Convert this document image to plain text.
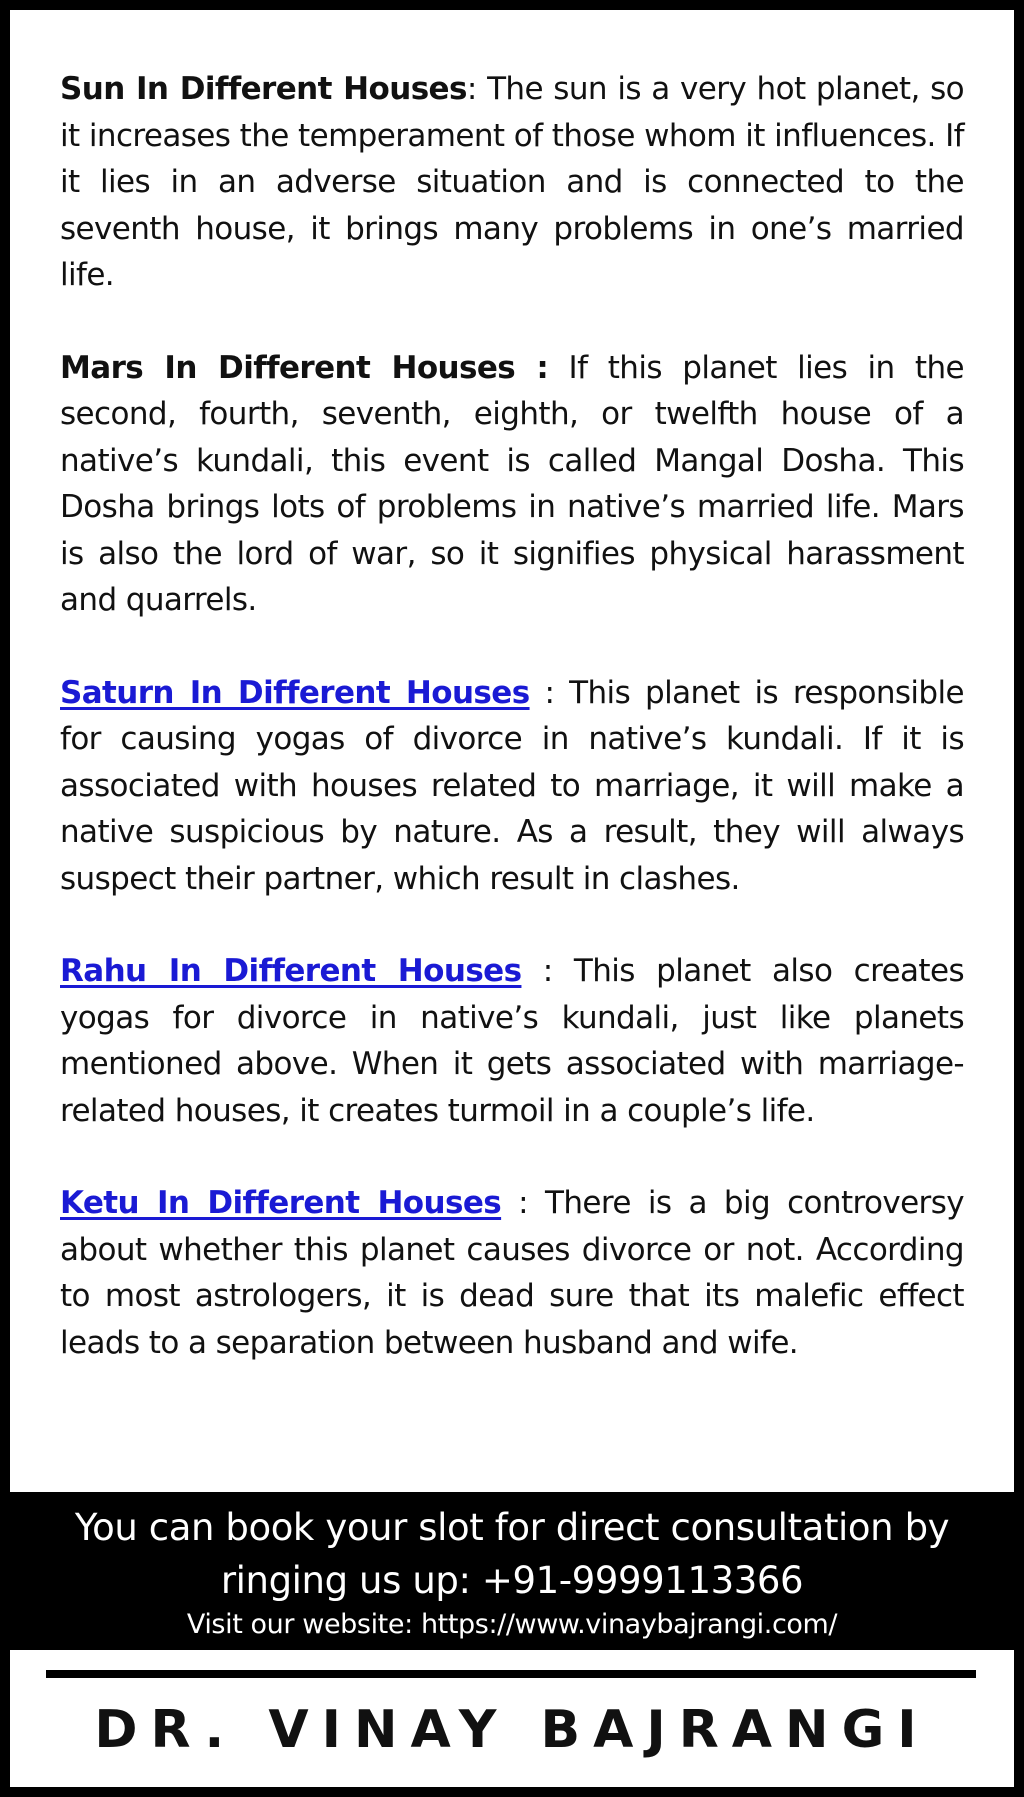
Sun In Different Houses: The sun is a very hot planet, so it increases the temperament of those whom it influences. If it lies in an adverse situation and is connected to the seventh house, it brings many problems in one’s married life.

Mars In Different Houses : If this planet lies in the second, fourth, seventh, eighth, or twelfth house of a native’s kundali, this event is called Mangal Dosha. This Dosha brings lots of problems in native’s married life. Mars is also the lord of war, so it signifies physical harassment and quarrels.

Saturn In Different Houses : This planet is responsible for causing yogas of divorce in native’s kundali. If it is associated with houses related to marriage, it will make a native suspicious by nature. As a result, they will always suspect their partner, which result in clashes.

Rahu In Different Houses : This planet also creates yogas for divorce in native’s kundali, just like planets mentioned above. When it gets associated with marriage-related houses, it creates turmoil in a couple’s life.

Ketu In Different Houses : There is a big controversy about whether this planet causes divorce or not. According to most astrologers, it is dead sure that its malefic effect leads to a separation between husband and wife.

You can book your slot for direct consultation by
ringing us up: +91-9999113366
Visit our website: https://www.vinaybajrangi.com/
DR. VINAY BAJRANGI
